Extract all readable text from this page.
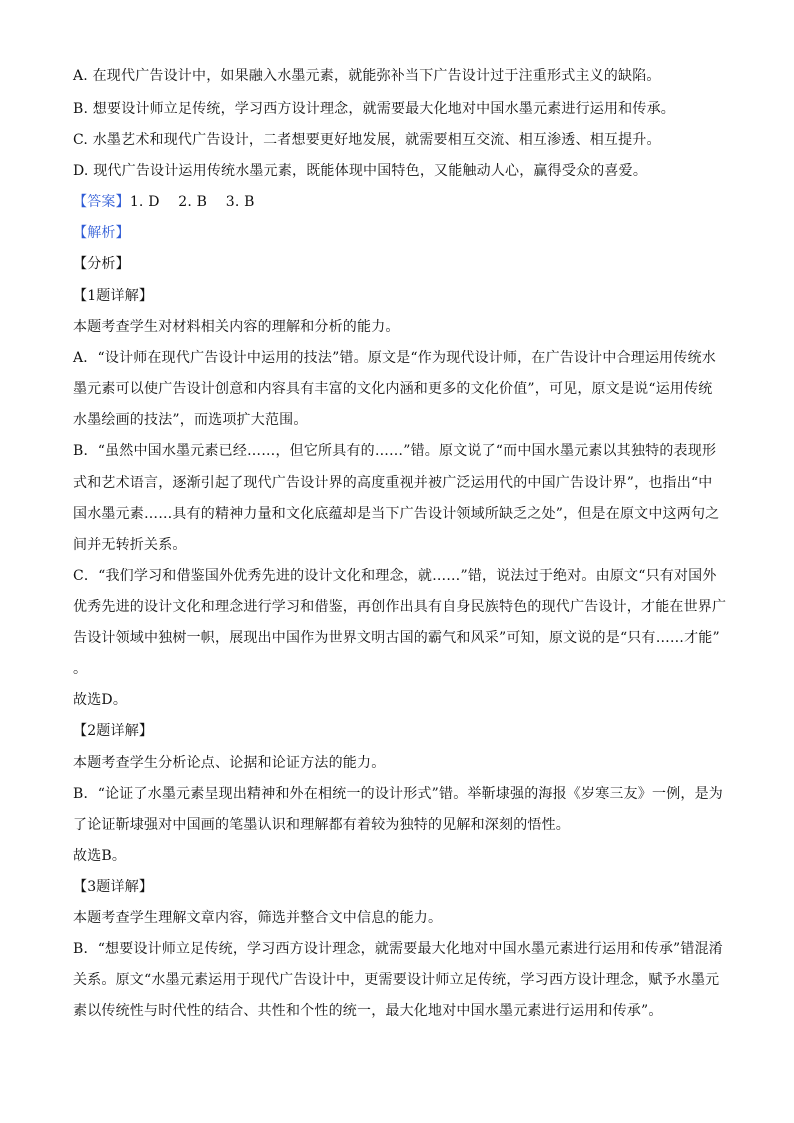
A. 在现代广告设计中，如果融入水墨元素，就能弥补当下广告设计过于注重形式主义的缺陷。
B. 想要设计师立足传统，学习西方设计理念，就需要最大化地对中国水墨元素进行运用和传承。
C. 水墨艺术和现代广告设计，二者想要更好地发展，就需要相互交流、相互渗透、相互提升。
D. 现代广告设计运用传统水墨元素，既能体现中国特色，又能触动人心，赢得受众的喜爱。
【答案】1. D    2. B    3. B
【解析】
【分析】
【1题详解】
本题考查学生对材料相关内容的理解和分析的能力。
A．“设计师在现代广告设计中运用的技法”错。原文是“作为现代设计师，在广告设计中合理运用传统水
墨元素可以使广告设计创意和内容具有丰富的文化内涵和更多的文化价值”，可见，原文是说“运用传统
水墨绘画的技法”，而选项扩大范围。
B．“虽然中国水墨元素已经……，但它所具有的……”错。原文说了“而中国水墨元素以其独特的表现形
式和艺术语言，逐渐引起了现代广告设计界的高度重视并被广泛运用代的中国广告设计界”，也指出“中
国水墨元素……具有的精神力量和文化底蕴却是当下广告设计领域所缺乏之处”，但是在原文中这两句之
间并无转折关系。
C．“我们学习和借鉴国外优秀先进的设计文化和理念，就……”错，说法过于绝对。由原文“只有对国外
优秀先进的设计文化和理念进行学习和借鉴，再创作出具有自身民族特色的现代广告设计，才能在世界广
告设计领域中独树一帜，展现出中国作为世界文明古国的霸气和风采”可知，原文说的是“只有……才能”
。
故选D。
【2题详解】
本题考查学生分析论点、论据和论证方法的能力。
B．“论证了水墨元素呈现出精神和外在相统一的设计形式”错。举靳埭强的海报《岁寒三友》一例，是为
了论证靳埭强对中国画的笔墨认识和理解都有着较为独特的见解和深刻的悟性。
故选B。
【3题详解】
本题考查学生理解文章内容，筛选并整合文中信息的能力。
B．“想要设计师立足传统，学习西方设计理念，就需要最大化地对中国水墨元素进行运用和传承”错混淆
关系。原文“水墨元素运用于现代广告设计中，更需要设计师立足传统，学习西方设计理念，赋予水墨元
素以传统性与时代性的结合、共性和个性的统一，最大化地对中国水墨元素进行运用和传承”。
